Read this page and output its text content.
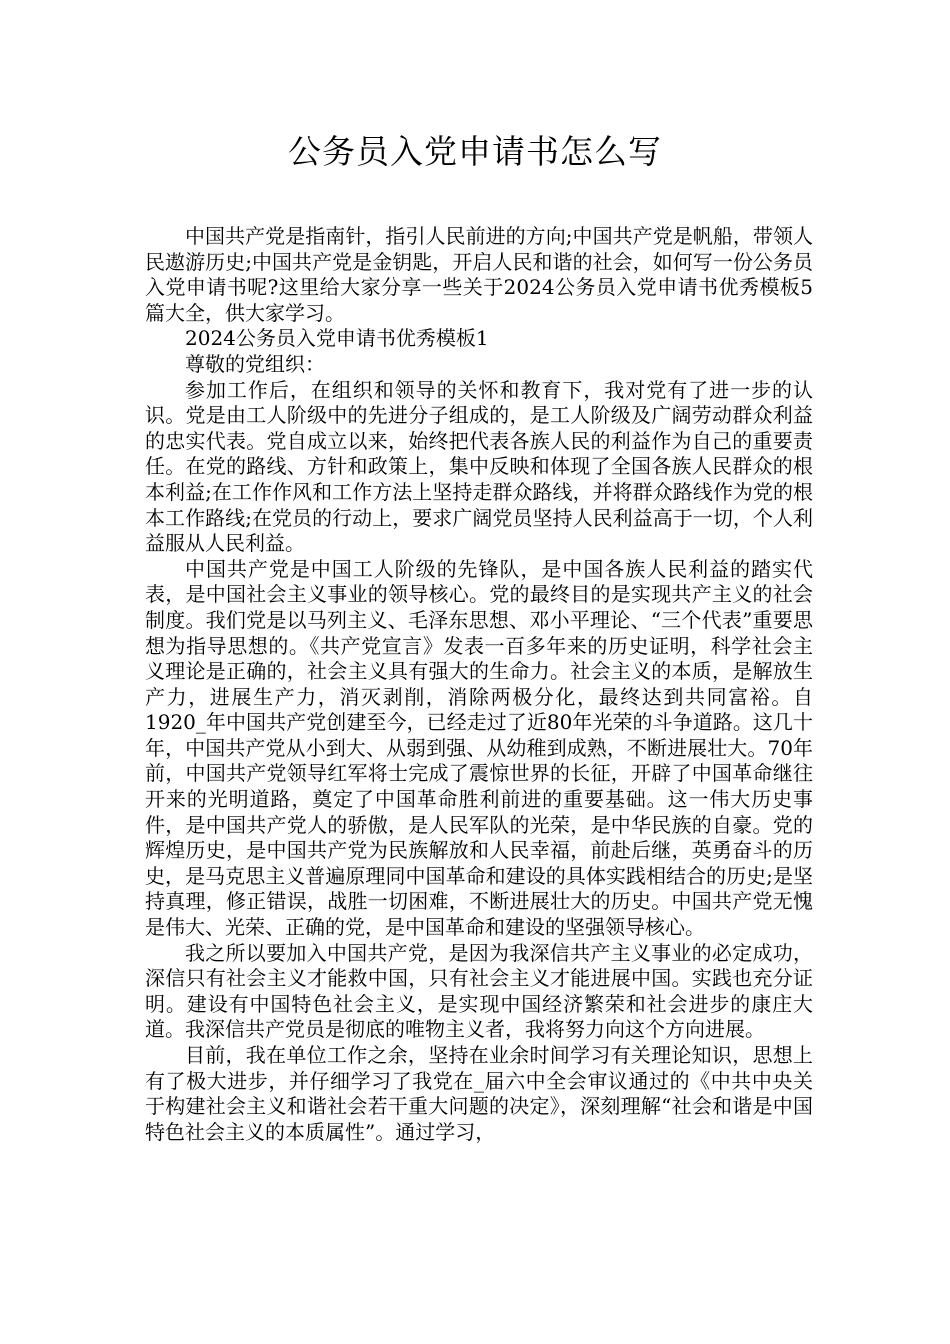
公务员入党申请书怎么写

中国共产党是指南针，指引人民前进的方向;中国共产党是帆船，带领人民遨游历史;中国共产党是金钥匙，开启人民和谐的社会，如何写一份公务员入党申请书呢?这里给大家分享一些关于2024公务员入党申请书优秀模板5篇大全，供大家学习。

2024公务员入党申请书优秀模板1

尊敬的党组织：

参加工作后，在组织和领导的关怀和教育下，我对党有了进一步的认识。党是由工人阶级中的先进分子组成的，是工人阶级及广阔劳动群众利益的忠实代表。党自成立以来，始终把代表各族人民的利益作为自己的重要责任。在党的路线、方针和政策上，集中反映和体现了全国各族人民群众的根本利益;在工作作风和工作方法上坚持走群众路线，并将群众路线作为党的根本工作路线;在党员的行动上，要求广阔党员坚持人民利益高于一切，个人利益服从人民利益。

中国共产党是中国工人阶级的先锋队，是中国各族人民利益的踏实代表，是中国社会主义事业的领导核心。党的最终目的是实现共产主义的社会制度。我们党是以马列主义、毛泽东思想、邓小平理论、“三个代表”重要思想为指导思想的。《共产党宣言》发表一百多年来的历史证明，科学社会主义理论是正确的，社会主义具有强大的生命力。社会主义的本质，是解放生产力，进展生产力，消灭剥削，消除两极分化，最终达到共同富裕。自1920_年中国共产党创建至今，已经走过了近80年光荣的斗争道路。这几十年，中国共产党从小到大、从弱到强、从幼稚到成熟，不断进展壮大。70年前，中国共产党领导红军将士完成了震惊世界的长征，开辟了中国革命继往开来的光明道路，奠定了中国革命胜利前进的重要基础。这一伟大历史事件，是中国共产党人的骄傲，是人民军队的光荣，是中华民族的自豪。党的辉煌历史，是中国共产党为民族解放和人民幸福，前赴后继，英勇奋斗的历史，是马克思主义普遍原理同中国革命和建设的具体实践相结合的历史;是坚持真理，修正错误，战胜一切困难，不断进展壮大的历史。中国共产党无愧是伟大、光荣、正确的党，是中国革命和建设的坚强领导核心。

我之所以要加入中国共产党，是因为我深信共产主义事业的必定成功，深信只有社会主义才能救中国，只有社会主义才能进展中国。实践也充分证明。建设有中国特色社会主义，是实现中国经济繁荣和社会进步的康庄大道。我深信共产党员是彻底的唯物主义者，我将努力向这个方向进展。

目前，我在单位工作之余，坚持在业余时间学习有关理论知识，思想上有了极大进步，并仔细学习了我党在_届六中全会审议通过的《中共中央关于构建社会主义和谐社会若干重大问题的决定》，深刻理解“社会和谐是中国特色社会主义的本质属性”。通过学习，
